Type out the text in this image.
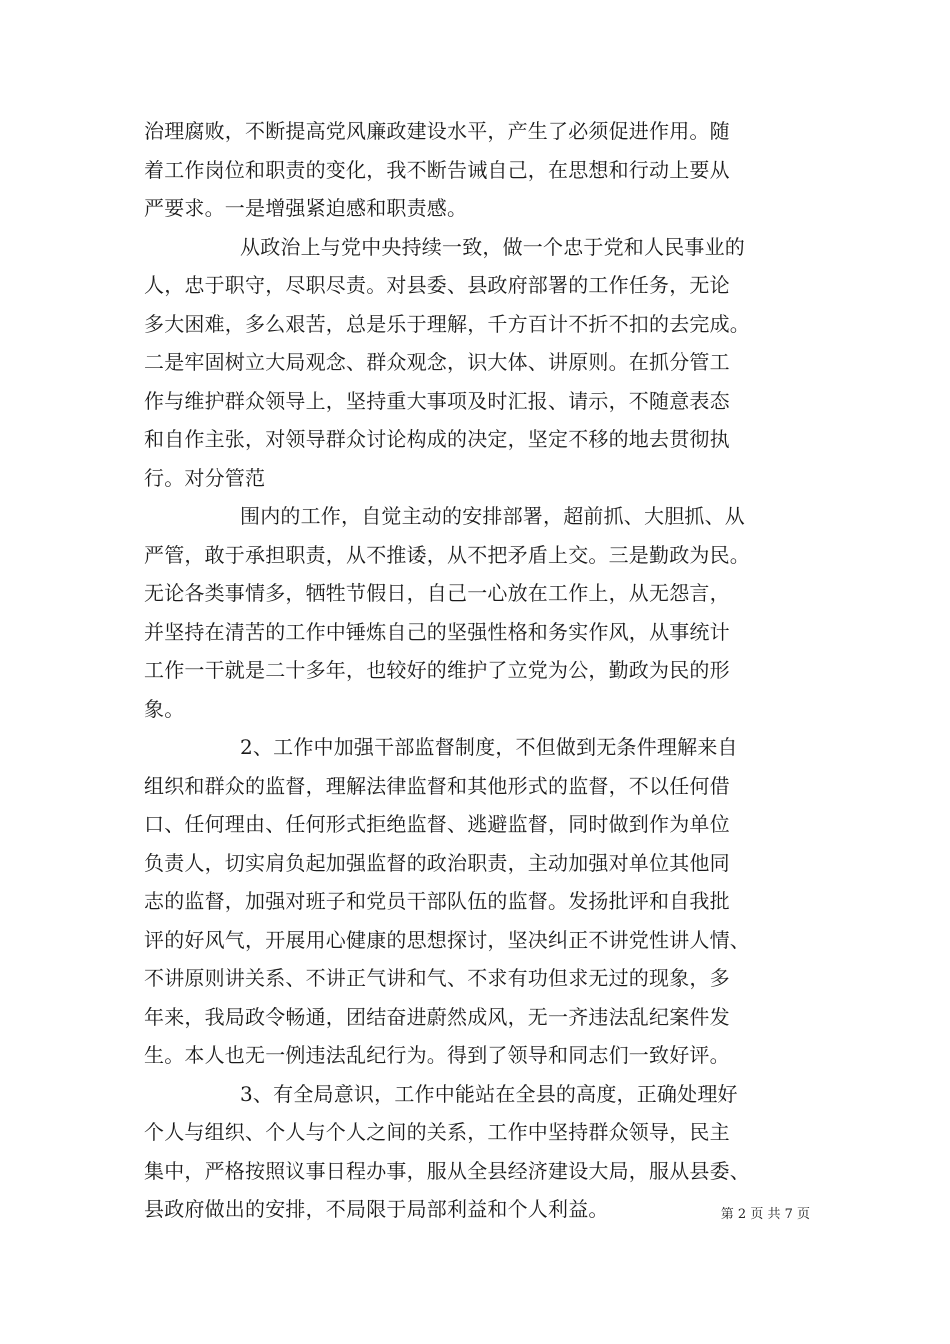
治理腐败，不断提高党风廉政建设水平，产生了必须促进作用。随
着工作岗位和职责的变化，我不断告诫自己，在思想和行动上要从
严要求。一是增强紧迫感和职责感。
从政治上与党中央持续一致，做一个忠于党和人民事业的
人，忠于职守，尽职尽责。对县委、县政府部署的工作任务，无论
多大困难，多么艰苦，总是乐于理解，千方百计不折不扣的去完成。
二是牢固树立大局观念、群众观念，识大体、讲原则。在抓分管工
作与维护群众领导上，坚持重大事项及时汇报、请示，不随意表态
和自作主张，对领导群众讨论构成的决定，坚定不移的地去贯彻执
行。对分管范
围内的工作，自觉主动的安排部署，超前抓、大胆抓、从
严管，敢于承担职责，从不推诿，从不把矛盾上交。三是勤政为民。
无论各类事情多，牺牲节假日，自己一心放在工作上，从无怨言，
并坚持在清苦的工作中锤炼自己的坚强性格和务实作风，从事统计
工作一干就是二十多年，也较好的维护了立党为公，勤政为民的形
象。
2、工作中加强干部监督制度，不但做到无条件理解来自
组织和群众的监督，理解法律监督和其他形式的监督，不以任何借
口、任何理由、任何形式拒绝监督、逃避监督，同时做到作为单位
负责人，切实肩负起加强监督的政治职责，主动加强对单位其他同
志的监督，加强对班子和党员干部队伍的监督。发扬批评和自我批
评的好风气，开展用心健康的思想探讨，坚决纠正不讲党性讲人情、
不讲原则讲关系、不讲正气讲和气、不求有功但求无过的现象，多
年来，我局政令畅通，团结奋进蔚然成风，无一齐违法乱纪案件发
生。本人也无一例违法乱纪行为。得到了领导和同志们一致好评。
3、有全局意识，工作中能站在全县的高度，正确处理好
个人与组织、个人与个人之间的关系，工作中坚持群众领导，民主
集中，严格按照议事日程办事，服从全县经济建设大局，服从县委、
县政府做出的安排，不局限于局部利益和个人利益。	第 2 页 共 7 页
